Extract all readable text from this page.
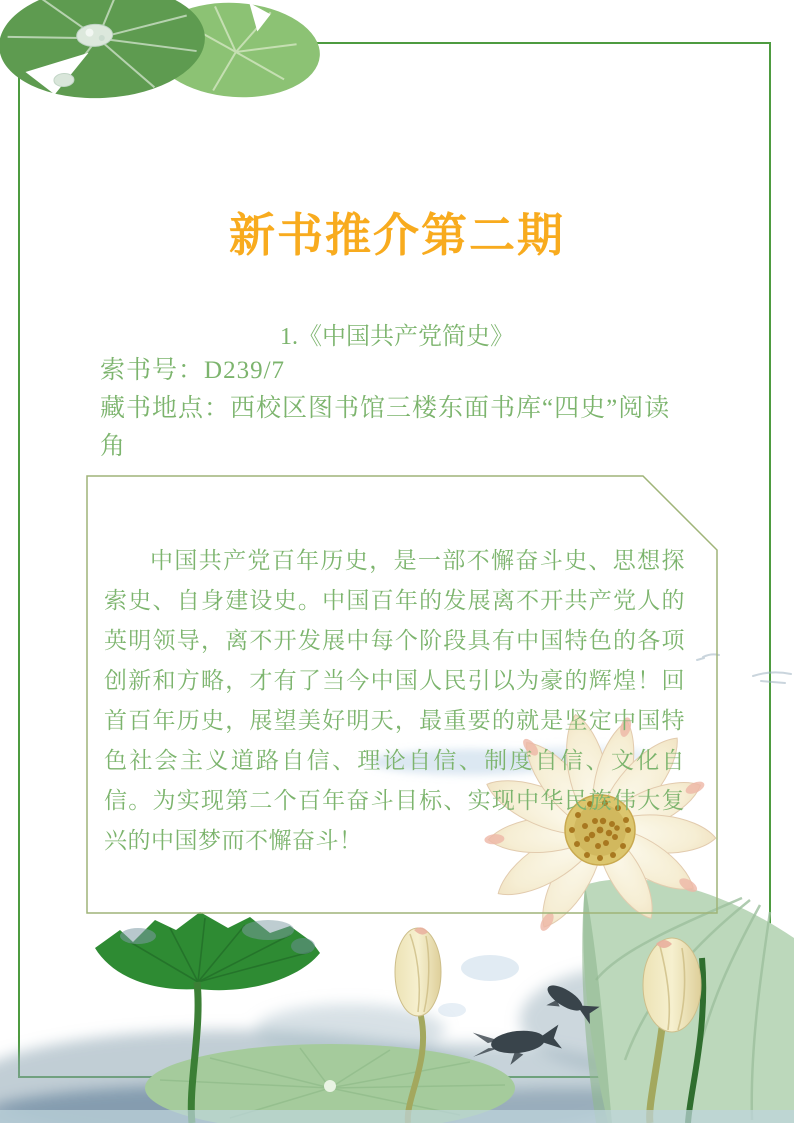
新书推介第二期
1.《中国共产党简史》
索书号：D239/7
藏书地点：西校区图书馆三楼东面书库“四史”阅读角

中国共产党百年历史，是一部不懈奋斗史、思想探索史、自身建设史。中国百年的发展离不开共产党人的英明领导，离不开发展中每个阶段具有中国特色的各项创新和方略，才有了当今中国人民引以为豪的辉煌！回首百年历史，展望美好明天，最重要的就是坚定中国特色社会主义道路自信、理论自信、制度自信、文化自信。为实现第二个百年奋斗目标、实现中华民族伟大复兴的中国梦而不懈奋斗！
